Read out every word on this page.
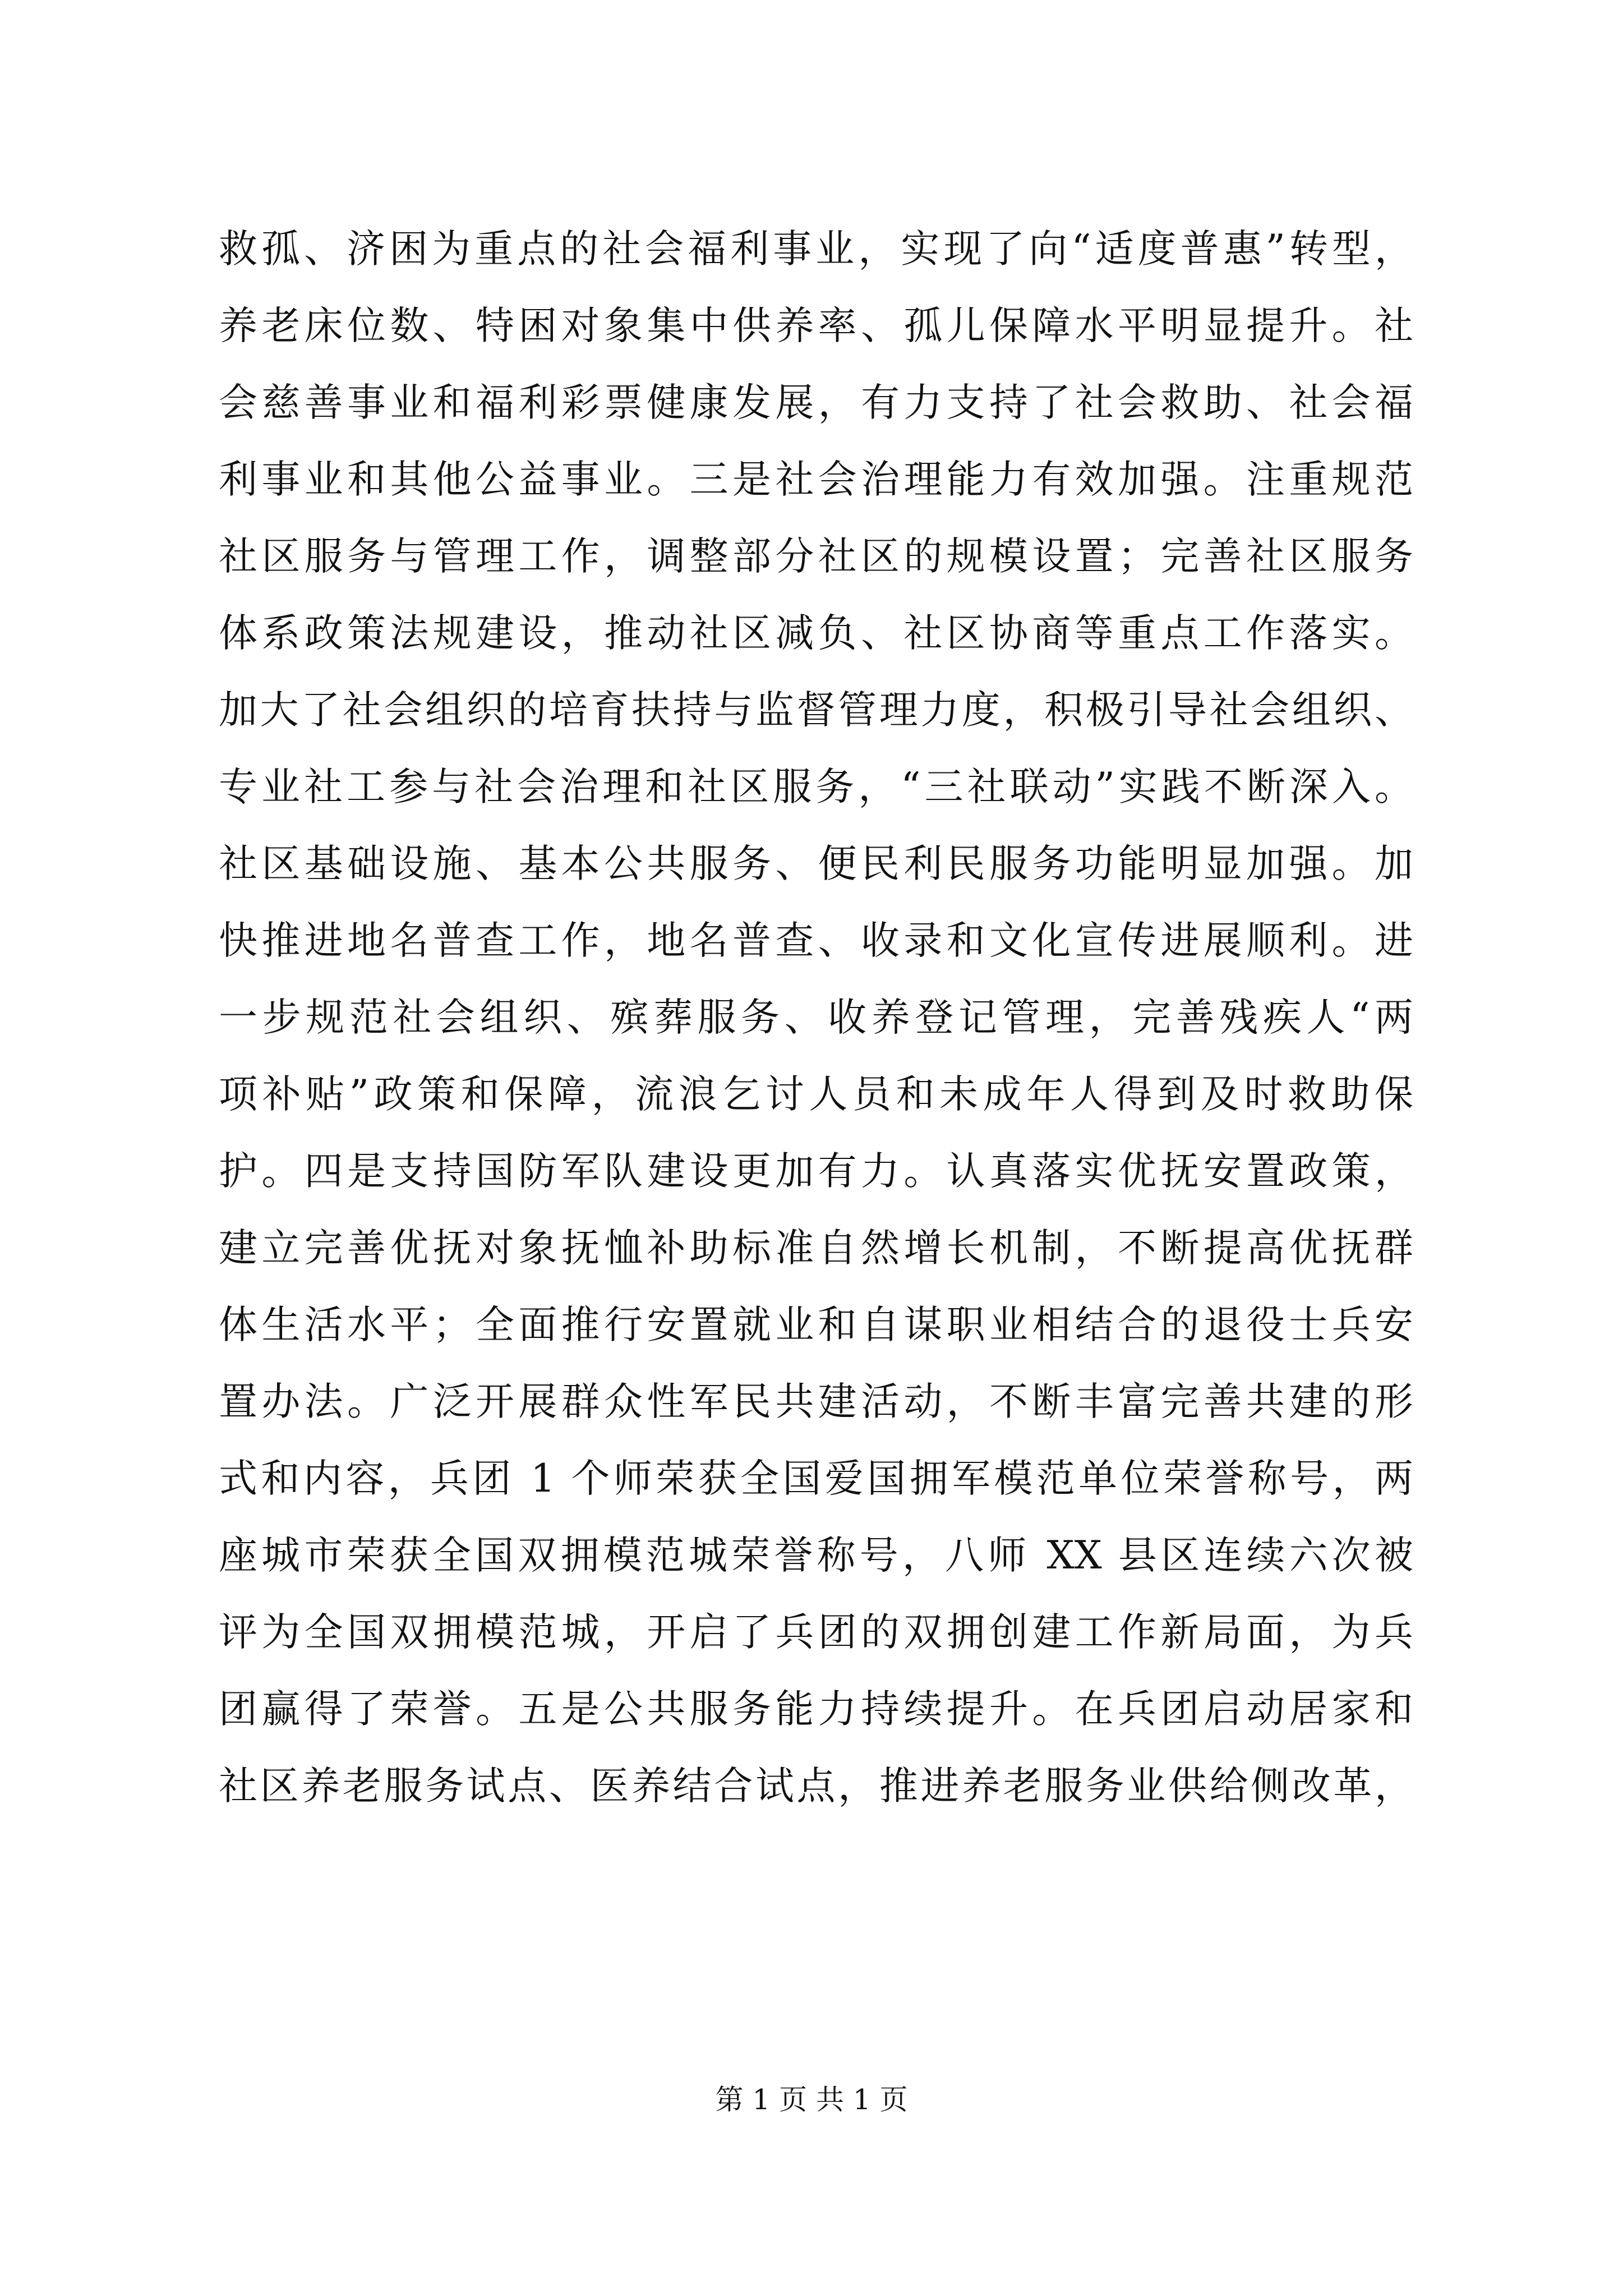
救孤、济困为重点的社会福利事业，实现了向“适度普惠”转型，
养老床位数、特困对象集中供养率、孤儿保障水平明显提升。社
会慈善事业和福利彩票健康发展，有力支持了社会救助、社会福
利事业和其他公益事业。三是社会治理能力有效加强。注重规范
社区服务与管理工作，调整部分社区的规模设置；完善社区服务
体系政策法规建设，推动社区减负、社区协商等重点工作落实。
加大了社会组织的培育扶持与监督管理力度，积极引导社会组织、
专业社工参与社会治理和社区服务，“三社联动”实践不断深入。
社区基础设施、基本公共服务、便民利民服务功能明显加强。加
快推进地名普查工作，地名普查、收录和文化宣传进展顺利。进
一步规范社会组织、殡葬服务、收养登记管理，完善残疾人“两
项补贴”政策和保障，流浪乞讨人员和未成年人得到及时救助保
护。四是支持国防军队建设更加有力。认真落实优抚安置政策，
建立完善优抚对象抚恤补助标准自然增长机制，不断提高优抚群
体生活水平；全面推行安置就业和自谋职业相结合的退役士兵安
置办法。广泛开展群众性军民共建活动，不断丰富完善共建的形
式和内容，兵团 1 个师荣获全国爱国拥军模范单位荣誉称号，两
座城市荣获全国双拥模范城荣誉称号，八师 XX 县区连续六次被
评为全国双拥模范城，开启了兵团的双拥创建工作新局面，为兵
团赢得了荣誉。五是公共服务能力持续提升。在兵团启动居家和
社区养老服务试点、医养结合试点，推进养老服务业供给侧改革，
第 1 页 共 1 页
